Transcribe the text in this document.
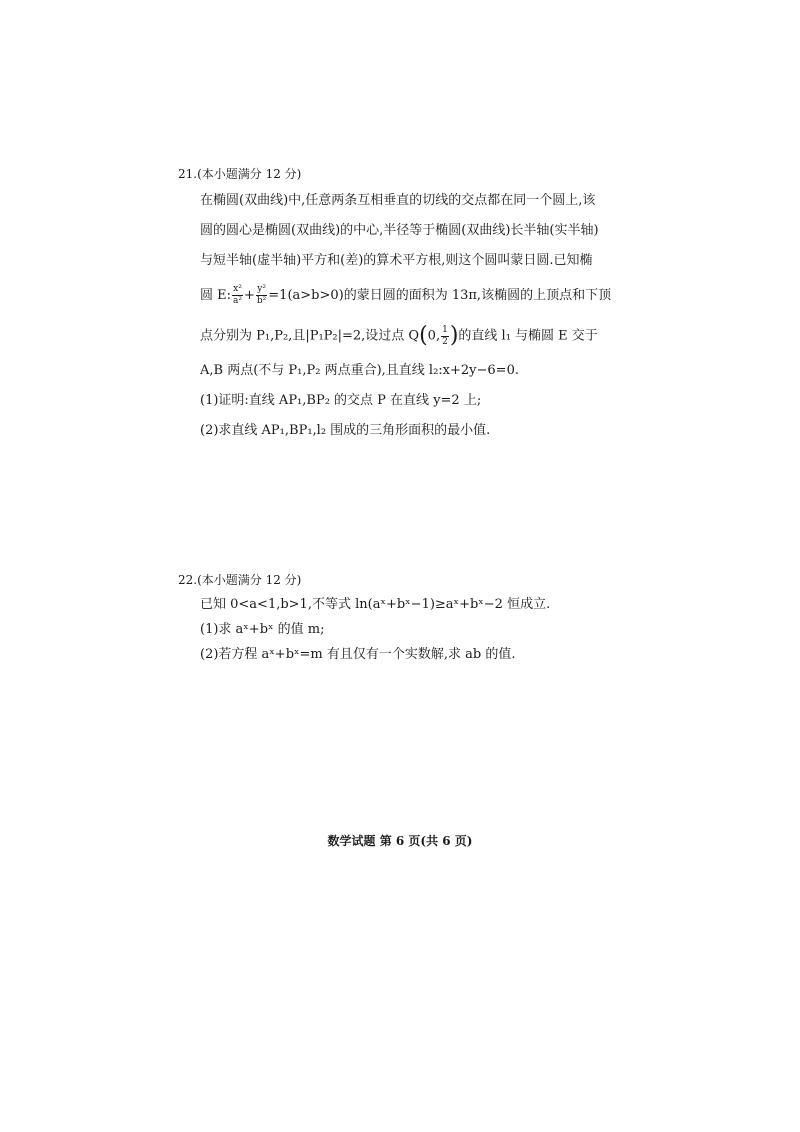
21.(本小题满分 12 分)
在椭圆(双曲线)中,任意两条互相垂直的切线的交点都在同一个圆上,该
圆的圆心是椭圆(双曲线)的中心,半径等于椭圆(双曲线)长半轴(实半轴)
与短半轴(虚半轴)平方和(差)的算术平方根,则这个圆叫蒙日圆.已知椭
圆 E: $\frac{\text{x²}}{\text{a²}} + \frac{\text{y²}}{\text{b²}} =1(a>b>0)$的蒙日圆的面积为 13π,该椭圆的上顶点和下顶
点分别为 P₁,P₂,且|P₁P₂|=2,设过点 Q(0, $\frac{1}{2}$ )的直线 l₁ 与椭圆 E 交于
A,B 两点(不与 P₁,P₂ 两点重合),且直线 l₂:x+2y−6=0.
(1)证明:直线 AP₁,BP₂ 的交点 P 在直线 y=2 上;
(2)求直线 AP₁,BP₁,l₂ 围成的三角形面积的最小值.
22.(本小题满分 12 分)
已知 0<a<1,b>1,不等式 ln(aˣ+bˣ−1)≥aˣ+bˣ−2 恒成立.
(1)求 aˣ+bˣ 的值 m;
(2)若方程 aˣ+bˣ=m 有且仅有一个实数解,求 ab 的值.
数学试题 第 6 页(共 6 页)
